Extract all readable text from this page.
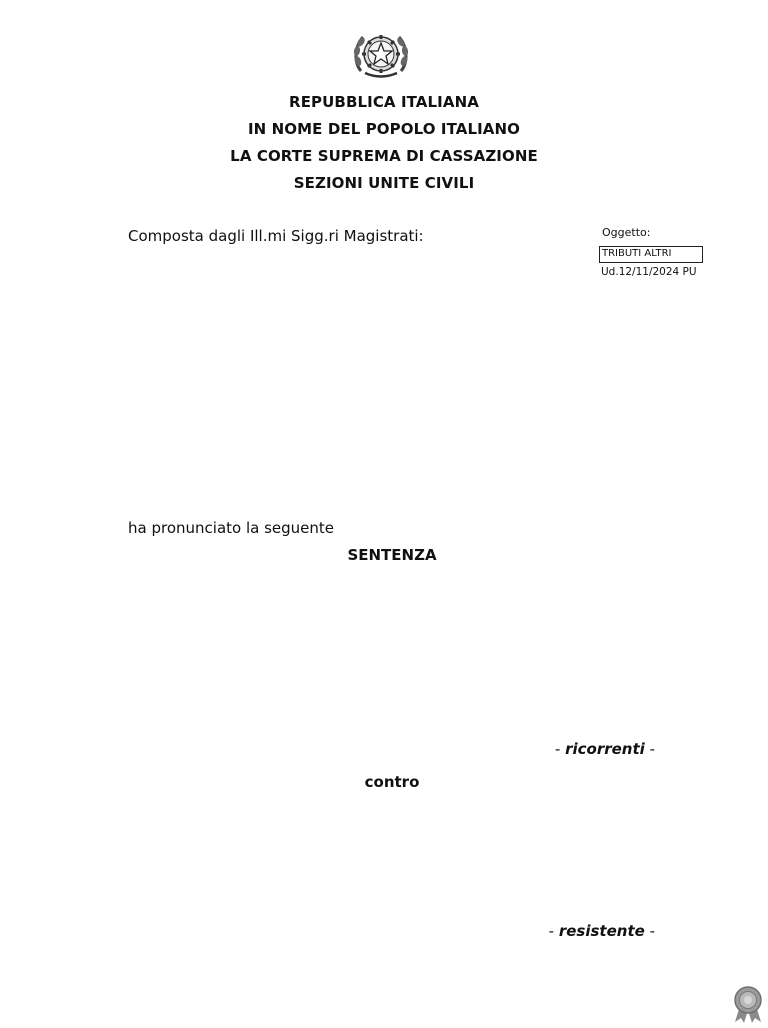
REPUBBLICA ITALIANA
IN NOME DEL POPOLO ITALIANO
LA CORTE SUPREMA DI CASSAZIONE
SEZIONI UNITE CIVILI
Composta dagli Ill.mi Sigg.ri Magistrati:	Oggetto:
TRIBUTI ALTRI
Ud.12/11/2024 PU
ha pronunciato la seguente
SENTENZA
- ricorrenti -
contro
- resistente -
